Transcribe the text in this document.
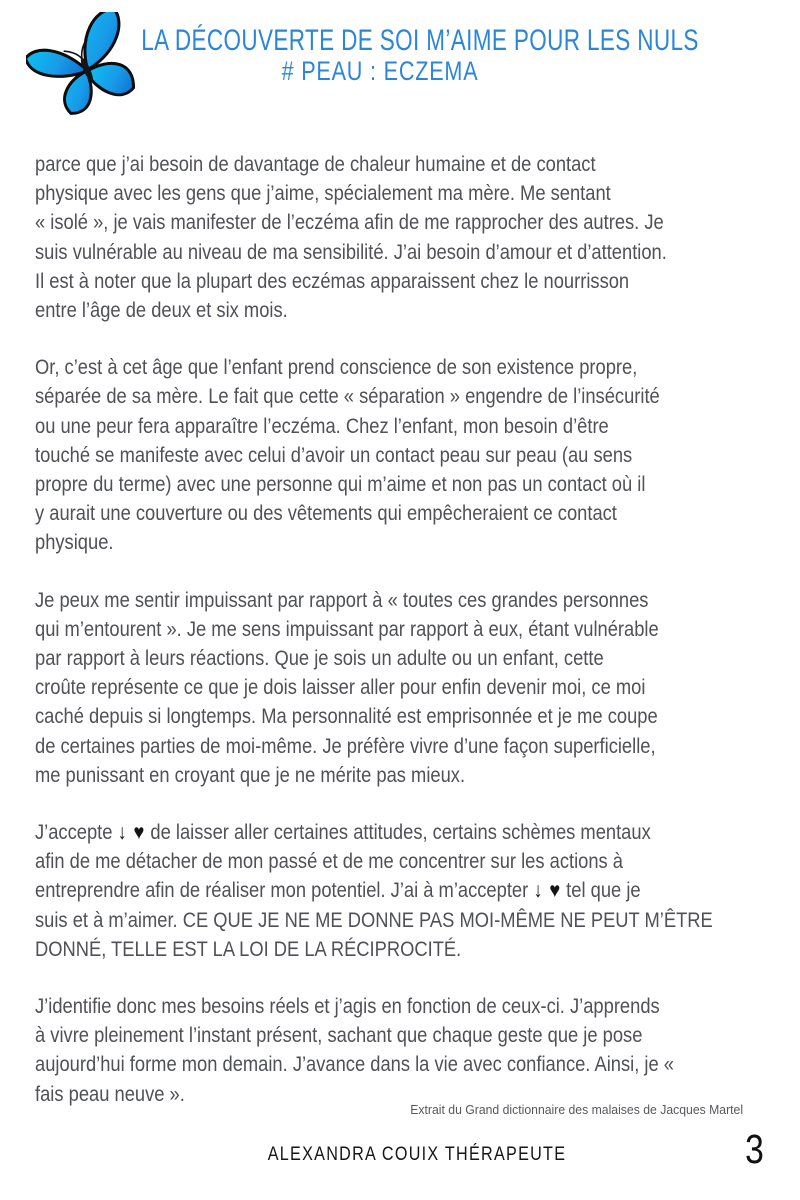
LA DÉCOUVERTE DE SOI M’AIME POUR LES NULS
# PEAU : ECZEMA

parce que j’ai besoin de davantage de chaleur humaine et de contact
physique avec les gens que j’aime, spécialement ma mère. Me sentant
« isolé », je vais manifester de l’eczéma afin de me rapprocher des autres. Je
suis vulnérable au niveau de ma sensibilité. J’ai besoin d’amour et d’attention.
Il est à noter que la plupart des eczémas apparaissent chez le nourrisson
entre l’âge de deux et six mois.

Or, c’est à cet âge que l’enfant prend conscience de son existence propre,
séparée de sa mère. Le fait que cette « séparation » engendre de l’insécurité
ou une peur fera apparaître l’eczéma. Chez l’enfant, mon besoin d’être
touché se manifeste avec celui d’avoir un contact peau sur peau (au sens
propre du terme) avec une personne qui m’aime et non pas un contact où il
y aurait une couverture ou des vêtements qui empêcheraient ce contact
physique.

Je peux me sentir impuissant par rapport à « toutes ces grandes personnes
qui m’entourent ». Je me sens impuissant par rapport à eux, étant vulnérable
par rapport à leurs réactions. Que je sois un adulte ou un enfant, cette
croûte représente ce que je dois laisser aller pour enfin devenir moi, ce moi
caché depuis si longtemps. Ma personnalité est emprisonnée et je me coupe
de certaines parties de moi-même. Je préfère vivre d’une façon superficielle,
me punissant en croyant que je ne mérite pas mieux.

J’accepte ↓ ♥ de laisser aller certaines attitudes, certains schèmes mentaux
afin de me détacher de mon passé et de me concentrer sur les actions à
entreprendre afin de réaliser mon potentiel. J’ai à m’accepter ↓ ♥ tel que je
suis et à m’aimer. CE QUE JE NE ME DONNE PAS MOI-MÊME NE PEUT M’ÊTRE
DONNÉ, TELLE EST LA LOI DE LA RÉCIPROCITÉ.

J’identifie donc mes besoins réels et j’agis en fonction de ceux-ci. J’apprends
à vivre pleinement l’instant présent, sachant que chaque geste que je pose
aujourd’hui forme mon demain. J’avance dans la vie avec confiance. Ainsi, je «
fais peau neuve ».

Extrait du Grand dictionnaire des malaises de Jacques Martel
ALEXANDRA COUIX THÉRAPEUTE	3
